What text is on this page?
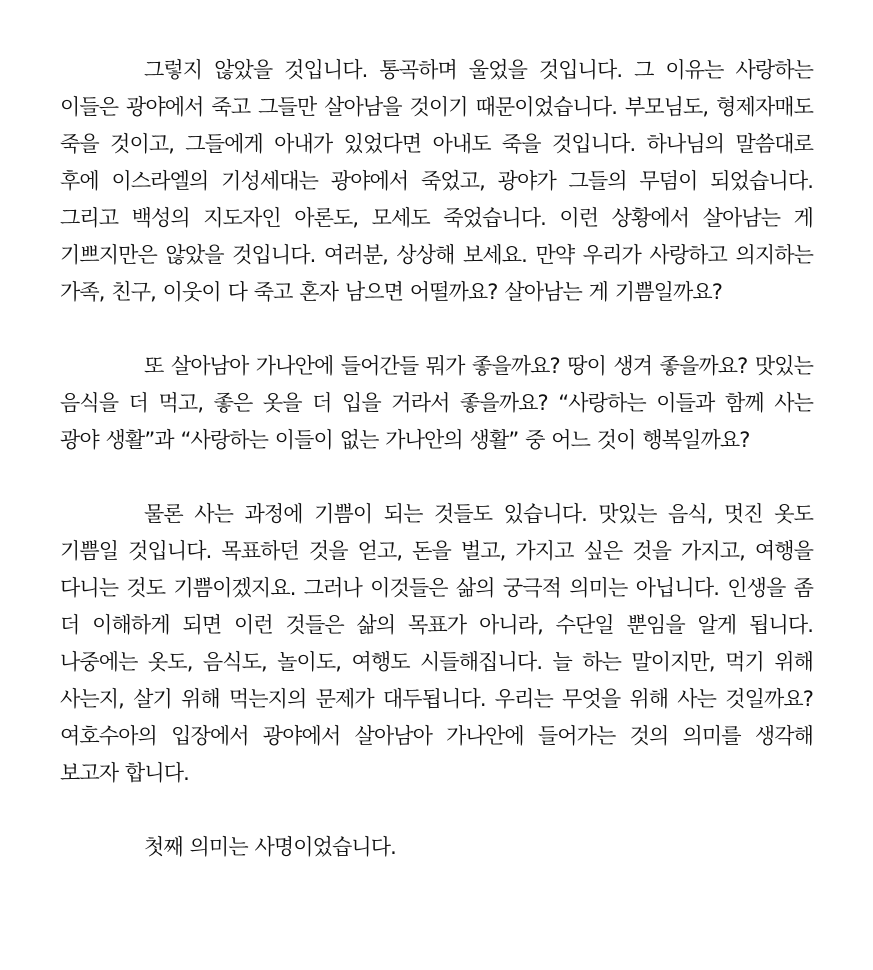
그렇지 않았을 것입니다. 통곡하며 울었을 것입니다. 그 이유는 사랑하는 이들은 광야에서 죽고 그들만 살아남을 것이기 때문이었습니다. 부모님도, 형제자매도 죽을 것이고, 그들에게 아내가 있었다면 아내도 죽을 것입니다. 하나님의 말씀대로 후에 이스라엘의 기성세대는 광야에서 죽었고, 광야가 그들의 무덤이 되었습니다. 그리고 백성의 지도자인 아론도, 모세도 죽었습니다. 이런 상황에서 살아남는 게 기쁘지만은 않았을 것입니다. 여러분, 상상해 보세요. 만약 우리가 사랑하고 의지하는 가족, 친구, 이웃이 다 죽고 혼자 남으면 어떨까요? 살아남는 게 기쁨일까요?

또 살아남아 가나안에 들어간들 뭐가 좋을까요? 땅이 생겨 좋을까요? 맛있는 음식을 더 먹고, 좋은 옷을 더 입을 거라서 좋을까요? “사랑하는 이들과 함께 사는 광야 생활”과 “사랑하는 이들이 없는 가나안의 생활” 중 어느 것이 행복일까요?

물론 사는 과정에 기쁨이 되는 것들도 있습니다. 맛있는 음식, 멋진 옷도 기쁨일 것입니다. 목표하던 것을 얻고, 돈을 벌고, 가지고 싶은 것을 가지고, 여행을 다니는 것도 기쁨이겠지요. 그러나 이것들은 삶의 궁극적 의미는 아닙니다. 인생을 좀 더 이해하게 되면 이런 것들은 삶의 목표가 아니라, 수단일 뿐임을 알게 됩니다. 나중에는 옷도, 음식도, 놀이도, 여행도 시들해집니다. 늘 하는 말이지만, 먹기 위해 사는지, 살기 위해 먹는지의 문제가 대두됩니다. 우리는 무엇을 위해 사는 것일까요? 여호수아의 입장에서 광야에서 살아남아 가나안에 들어가는 것의 의미를 생각해 보고자 합니다.

첫째 의미는 사명이었습니다.
